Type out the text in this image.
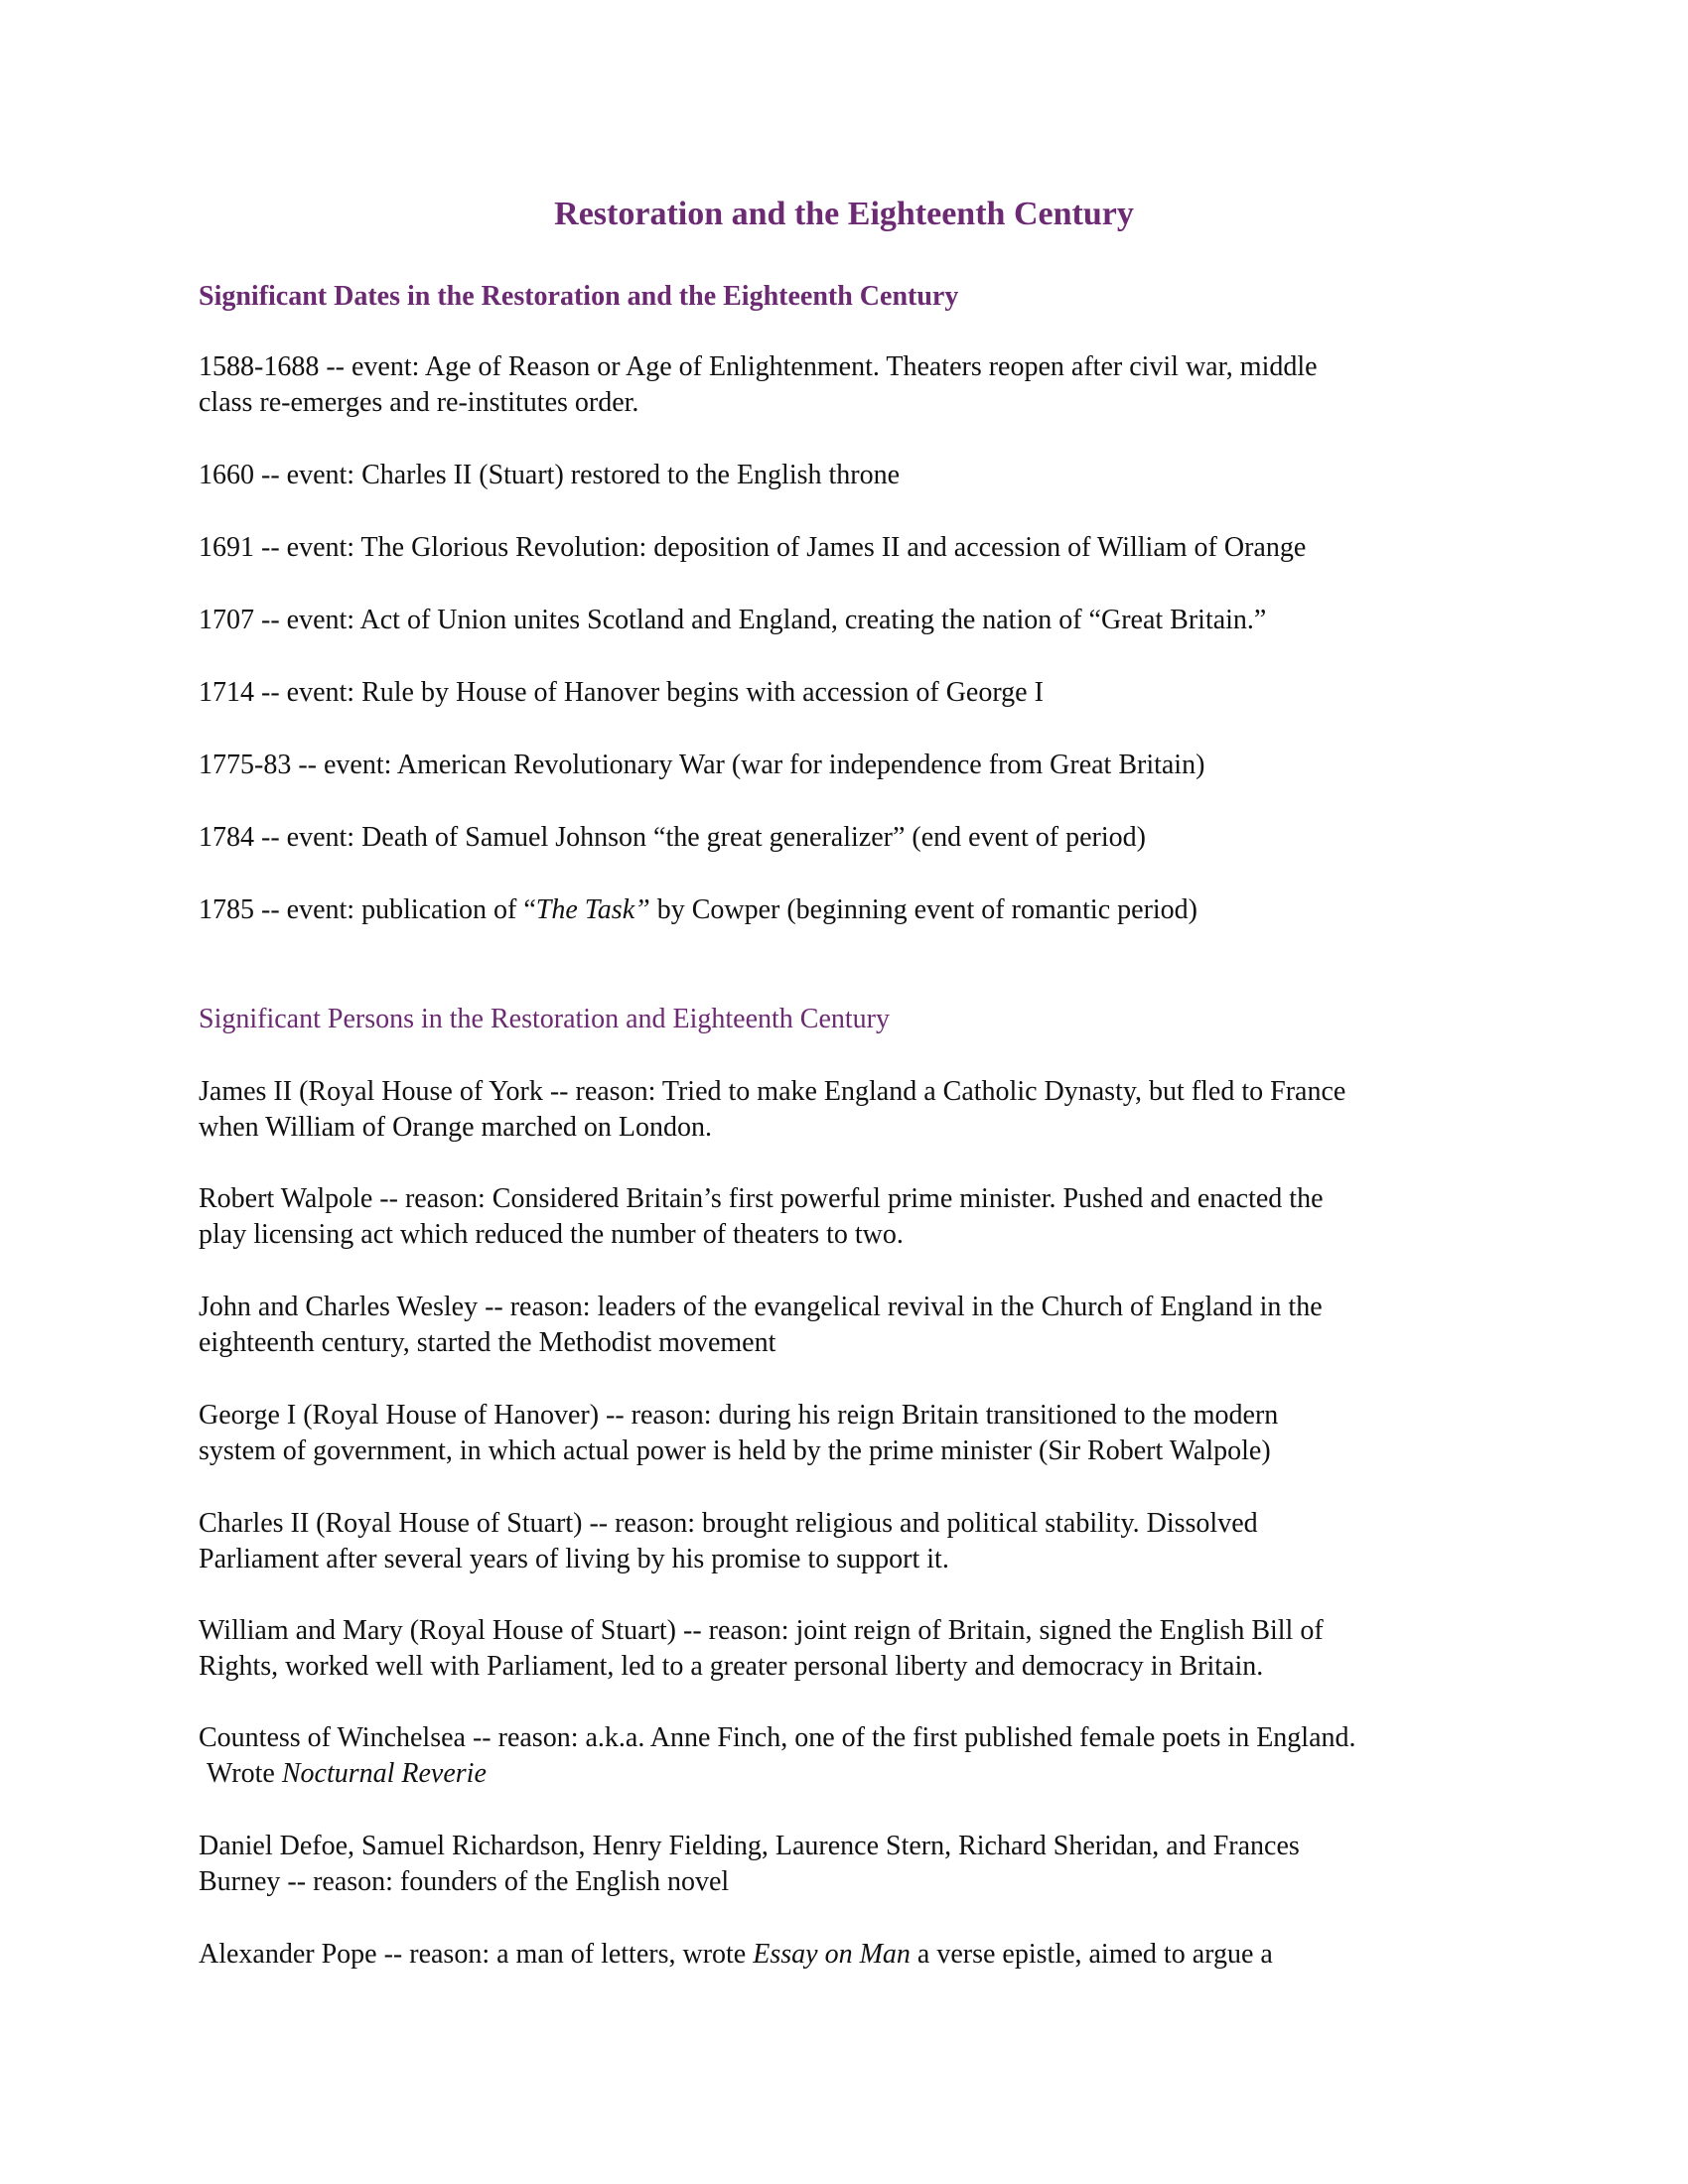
Restoration and the Eighteenth Century
Significant Dates in the Restoration and the Eighteenth Century
1588-1688 -- event: Age of Reason or Age of Enlightenment. Theaters reopen after civil war, middle
class re-emerges and re-institutes order.
1660 -- event: Charles II (Stuart) restored to the English throne
1691 -- event: The Glorious Revolution: deposition of James II and accession of William of Orange
1707 -- event: Act of Union unites Scotland and England, creating the nation of “Great Britain.”
1714 -- event: Rule by House of Hanover begins with accession of George I
1775-83 -- event: American Revolutionary War (war for independence from Great Britain)
1784 -- event: Death of Samuel Johnson “the great generalizer” (end event of period)
1785 -- event: publication of “The Task” by Cowper (beginning event of romantic period)
Significant Persons in the Restoration and Eighteenth Century
James II (Royal House of York -- reason: Tried to make England a Catholic Dynasty, but fled to France
when William of Orange marched on London.
Robert Walpole -- reason: Considered Britain’s first powerful prime minister. Pushed and enacted the
play licensing act which reduced the number of theaters to two.
John and Charles Wesley -- reason: leaders of the evangelical revival in the Church of England in the
eighteenth century, started the Methodist movement
George I (Royal House of Hanover) -- reason: during his reign Britain transitioned to the modern
system of government, in which actual power is held by the prime minister (Sir Robert Walpole)
Charles II (Royal House of Stuart) -- reason: brought religious and political stability. Dissolved
Parliament after several years of living by his promise to support it.
William and Mary (Royal House of Stuart) -- reason: joint reign of Britain, signed the English Bill of
Rights, worked well with Parliament, led to a greater personal liberty and democracy in Britain.
Countess of Winchelsea -- reason: a.k.a. Anne Finch, one of the first published female poets in England.
Wrote Nocturnal Reverie
Daniel Defoe, Samuel Richardson, Henry Fielding, Laurence Stern, Richard Sheridan, and Frances
Burney -- reason: founders of the English novel
Alexander Pope -- reason: a man of letters, wrote Essay on Man a verse epistle, aimed to argue a
